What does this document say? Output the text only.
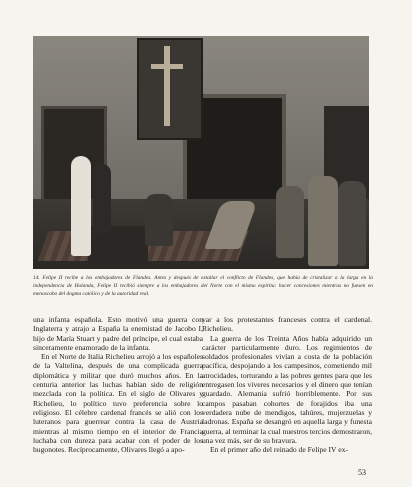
14. Felipe II recibe a los embajadores de Flandes. Antes y después de estallar el conflicto de Flandes, que había de cristalizar a la larga en la independencia de Holanda, Felipe II recibió siempre a los embajadores del Norte con el mismo espíritu: hacer concesiones mientras no fuesen en menoscabo del dogma católico y de la autoridad real.

una infanta española. Esto motivó una guerra con Inglaterra y atrajo a España la enemistad de Jacobo I, hijo de María Stuart y padre del príncipe, el cual estaba sinceramente enamorado de la infanta.

En el Norte de Italia Richelieu arrojó a los españoles de la Valtelina, después de una complicada guerra diplomática y militar que duró muchos años. En la centuria anterior las luchas habían sido de religión mezclada con la política. En el siglo de Olivares y Richelieu, lo político tuvo preferencia sobre lo religioso. El célebre cardenal francés se alió con los luteranos para guerrear contra la casa de Austria mientras al mismo tiempo en el interior de Francia luchaba con dureza para acabar con el poder de los hugonotes. Recíprocamente, Olivares llegó a apo-

yar a los protestantes franceses contra el cardenal. Richelieu.

La guerra de los Treinta Años había adquirido un carácter particularmente duro. Los regimientos de soldados profesionales vivían a costa de la población pacífica, despojando a los campesinos, cometiendo mil atrocidades, torturando a las pobres gentes para que les entregasen los víveres necesarios y el dinero que tenían guardado. Alemania sufrió horriblemente. Por sus campos pasaban cohortes de forajidos iba una verdadera nube de mendigos, tahúres, mujerzuelas y ladronas. España se desangró en aquella larga y funesta guerra, al terminar la cual nuestros tercios demostraron, una vez más, ser de su bravura.

En el primer año del reinado de Felipe IV ex-

53
